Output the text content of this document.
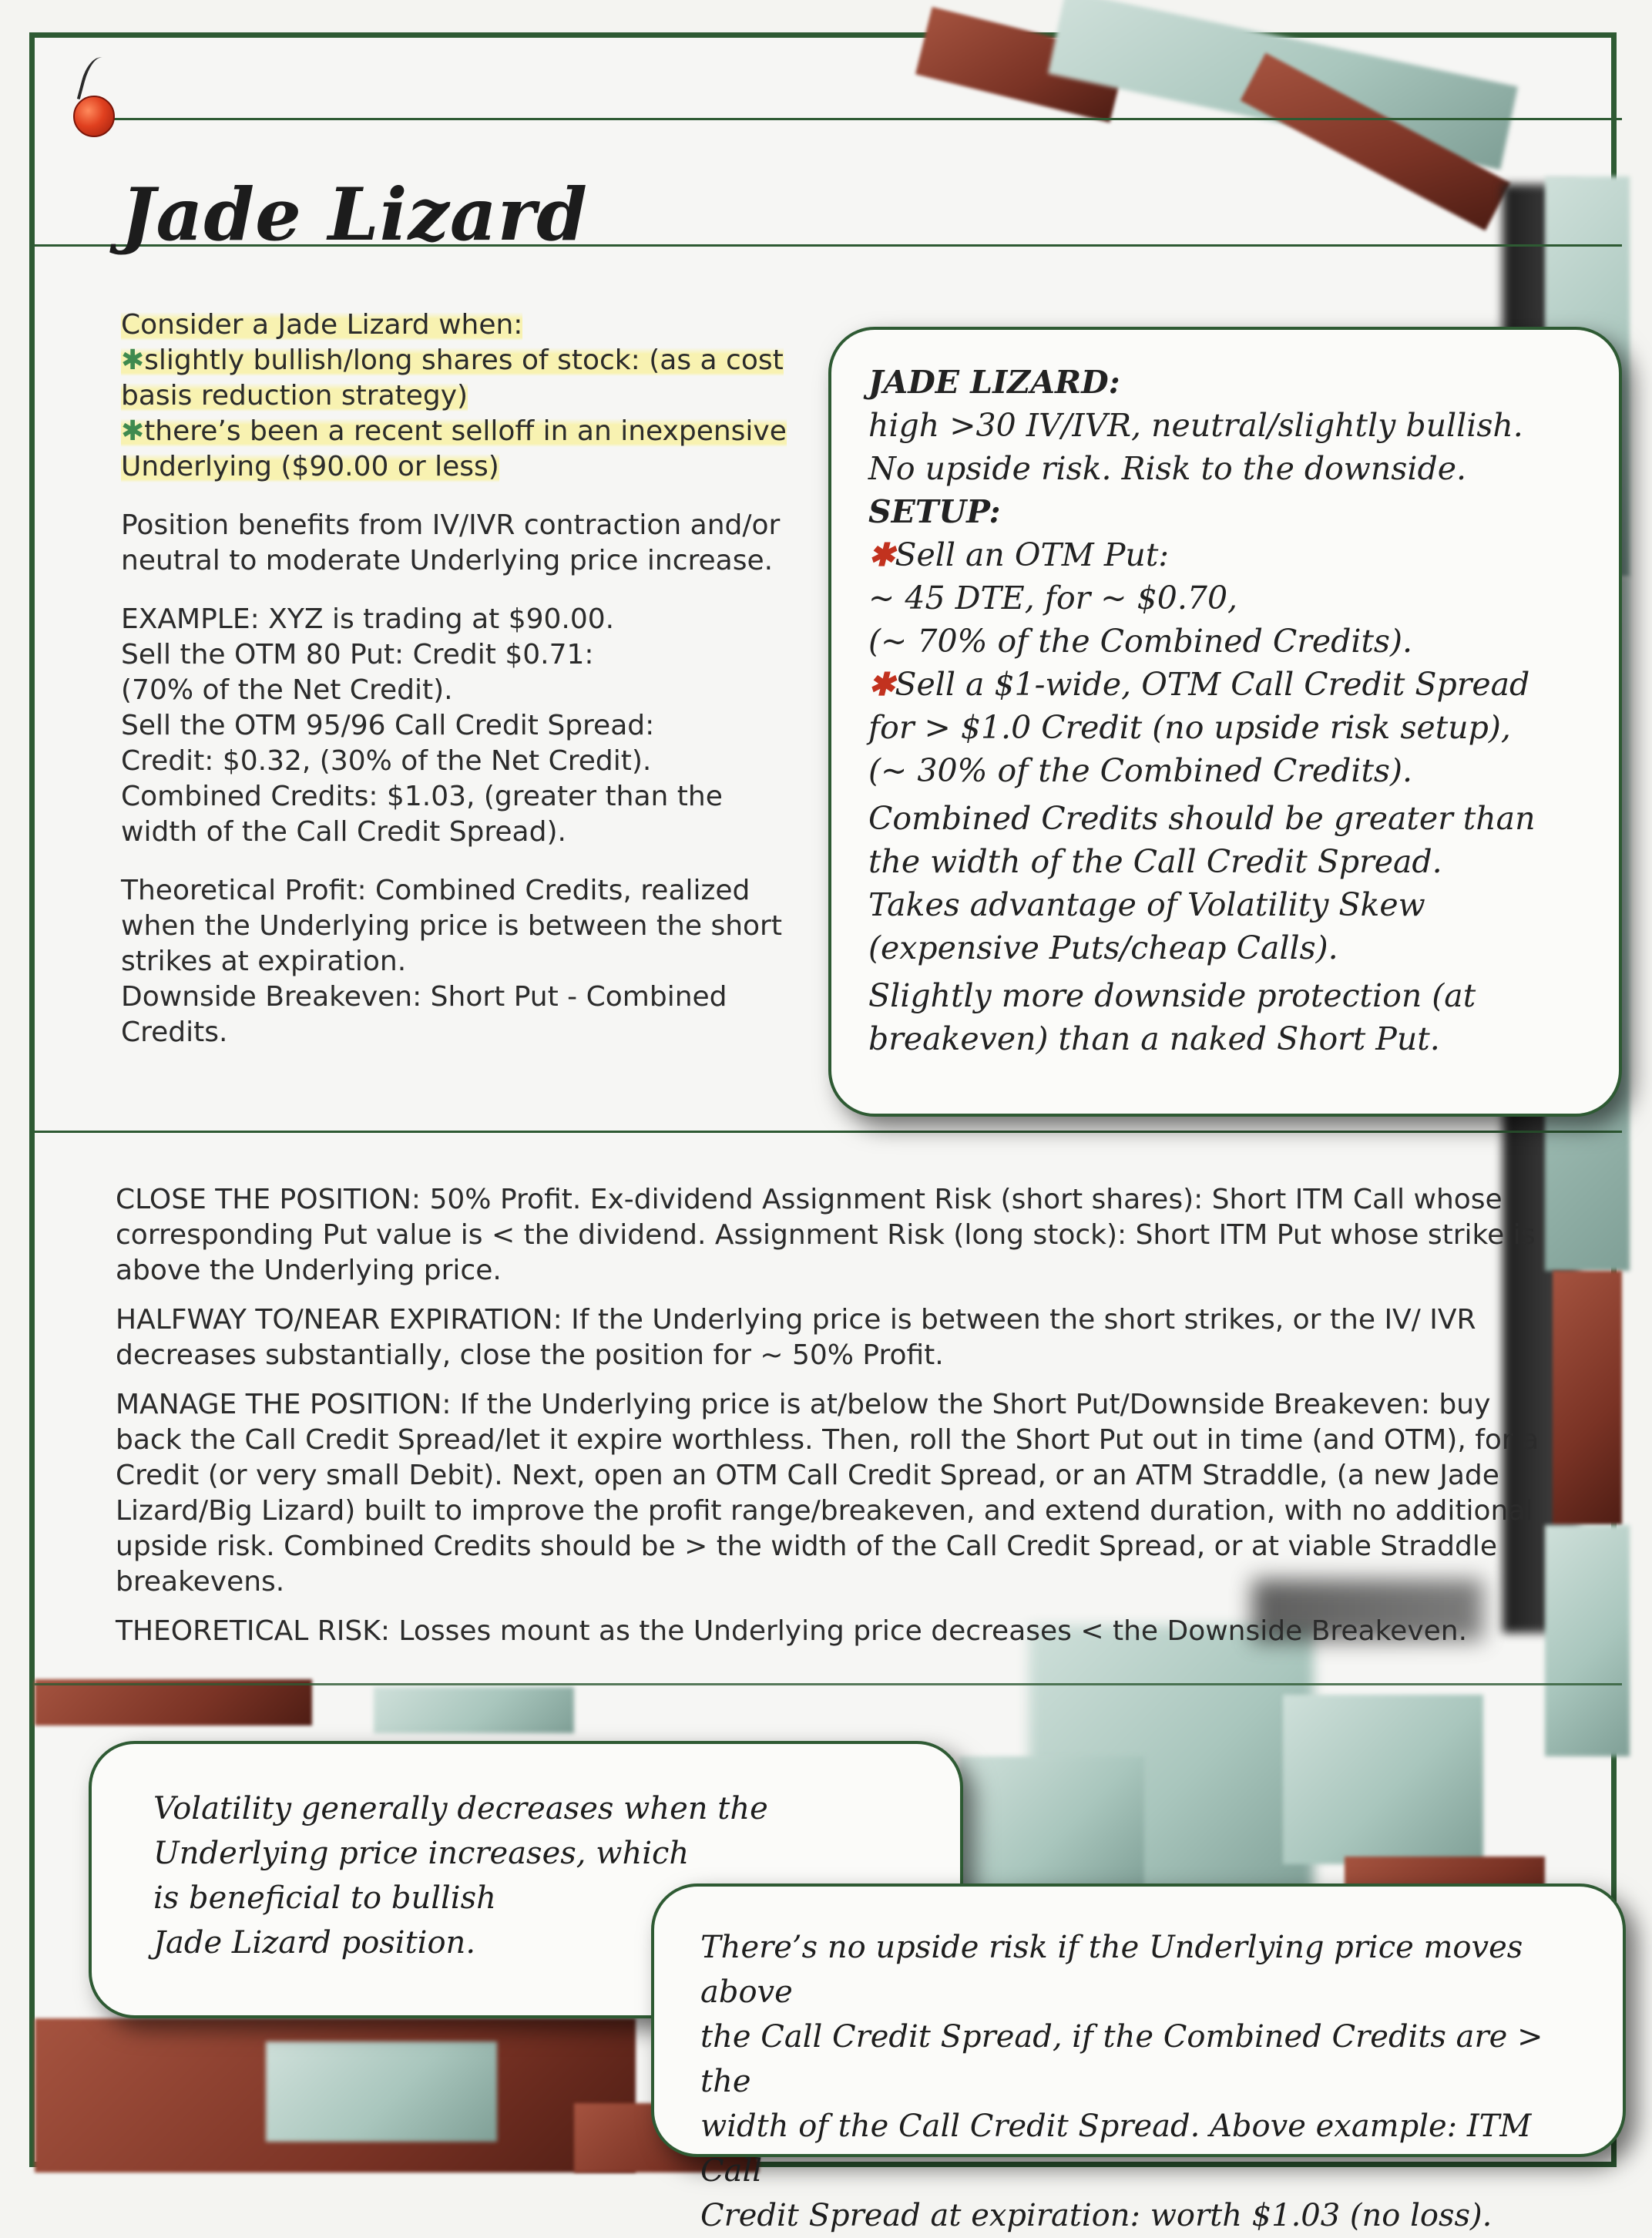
Jade Lizard

Consider a Jade Lizard when:
✱slightly bullish/long shares of stock: (as a cost basis reduction strategy)
✱there’s been a recent selloff in an inexpensive Underlying ($90.00 or less)

Position benefits from IV/IVR contraction and/or neutral to moderate Underlying price increase.

EXAMPLE: XYZ is trading at $90.00.
Sell the OTM 80 Put: Credit $0.71:
(70% of the Net Credit).
Sell the OTM 95/96 Call Credit Spread:
Credit: $0.32, (30% of the Net Credit).
Combined Credits: $1.03, (greater than the width of the Call Credit Spread).

Theoretical Profit: Combined Credits, realized when the Underlying price is between the short strikes at expiration.
Downside Breakeven: Short Put - Combined Credits.

JADE LIZARD:
high >30 IV/IVR, neutral/slightly bullish.
No upside risk. Risk to the downside.
SETUP:
✱Sell an OTM Put:
~ 45 DTE, for ~ $0.70,
(~ 70% of the Combined Credits).
✱Sell a $1-wide, OTM Call Credit Spread
for > $1.0 Credit (no upside risk setup),
(~ 30% of the Combined Credits).
Combined Credits should be greater than
the width of the Call Credit Spread.
Takes advantage of Volatility Skew
(expensive Puts/cheap Calls).
Slightly more downside protection (at
breakeven) than a naked Short Put.

CLOSE THE POSITION: 50% Profit. Ex-dividend Assignment Risk (short shares): Short ITM Call whose corresponding Put value is < the dividend. Assignment Risk (long stock): Short ITM Put whose strike is above the Underlying price.

HALFWAY TO/NEAR EXPIRATION: If the Underlying price is between the short strikes, or the IV/ IVR decreases substantially, close the position for ~ 50% Profit.

MANAGE THE POSITION: If the Underlying price is at/below the Short Put/Downside Breakeven: buy back the Call Credit Spread/let it expire worthless. Then, roll the Short Put out in time (and OTM), for a Credit (or very small Debit). Next, open an OTM Call Credit Spread, or an ATM Straddle, (a new Jade Lizard/Big Lizard) built to improve the profit range/breakeven, and extend duration, with no additional upside risk. Combined Credits should be > the width of the Call Credit Spread, or at viable Straddle breakevens.

THEORETICAL RISK: Losses mount as the Underlying price decreases < the Downside Breakeven.

Volatility generally decreases when the
Underlying price increases, which
is beneficial to bullish
Jade Lizard position.	There’s no upside risk if the Underlying price moves above
the Call Credit Spread, if the Combined Credits are > the
width of the Call Credit Spread. Above example: ITM Call
Credit Spread at expiration: worth $1.03 (no loss).
